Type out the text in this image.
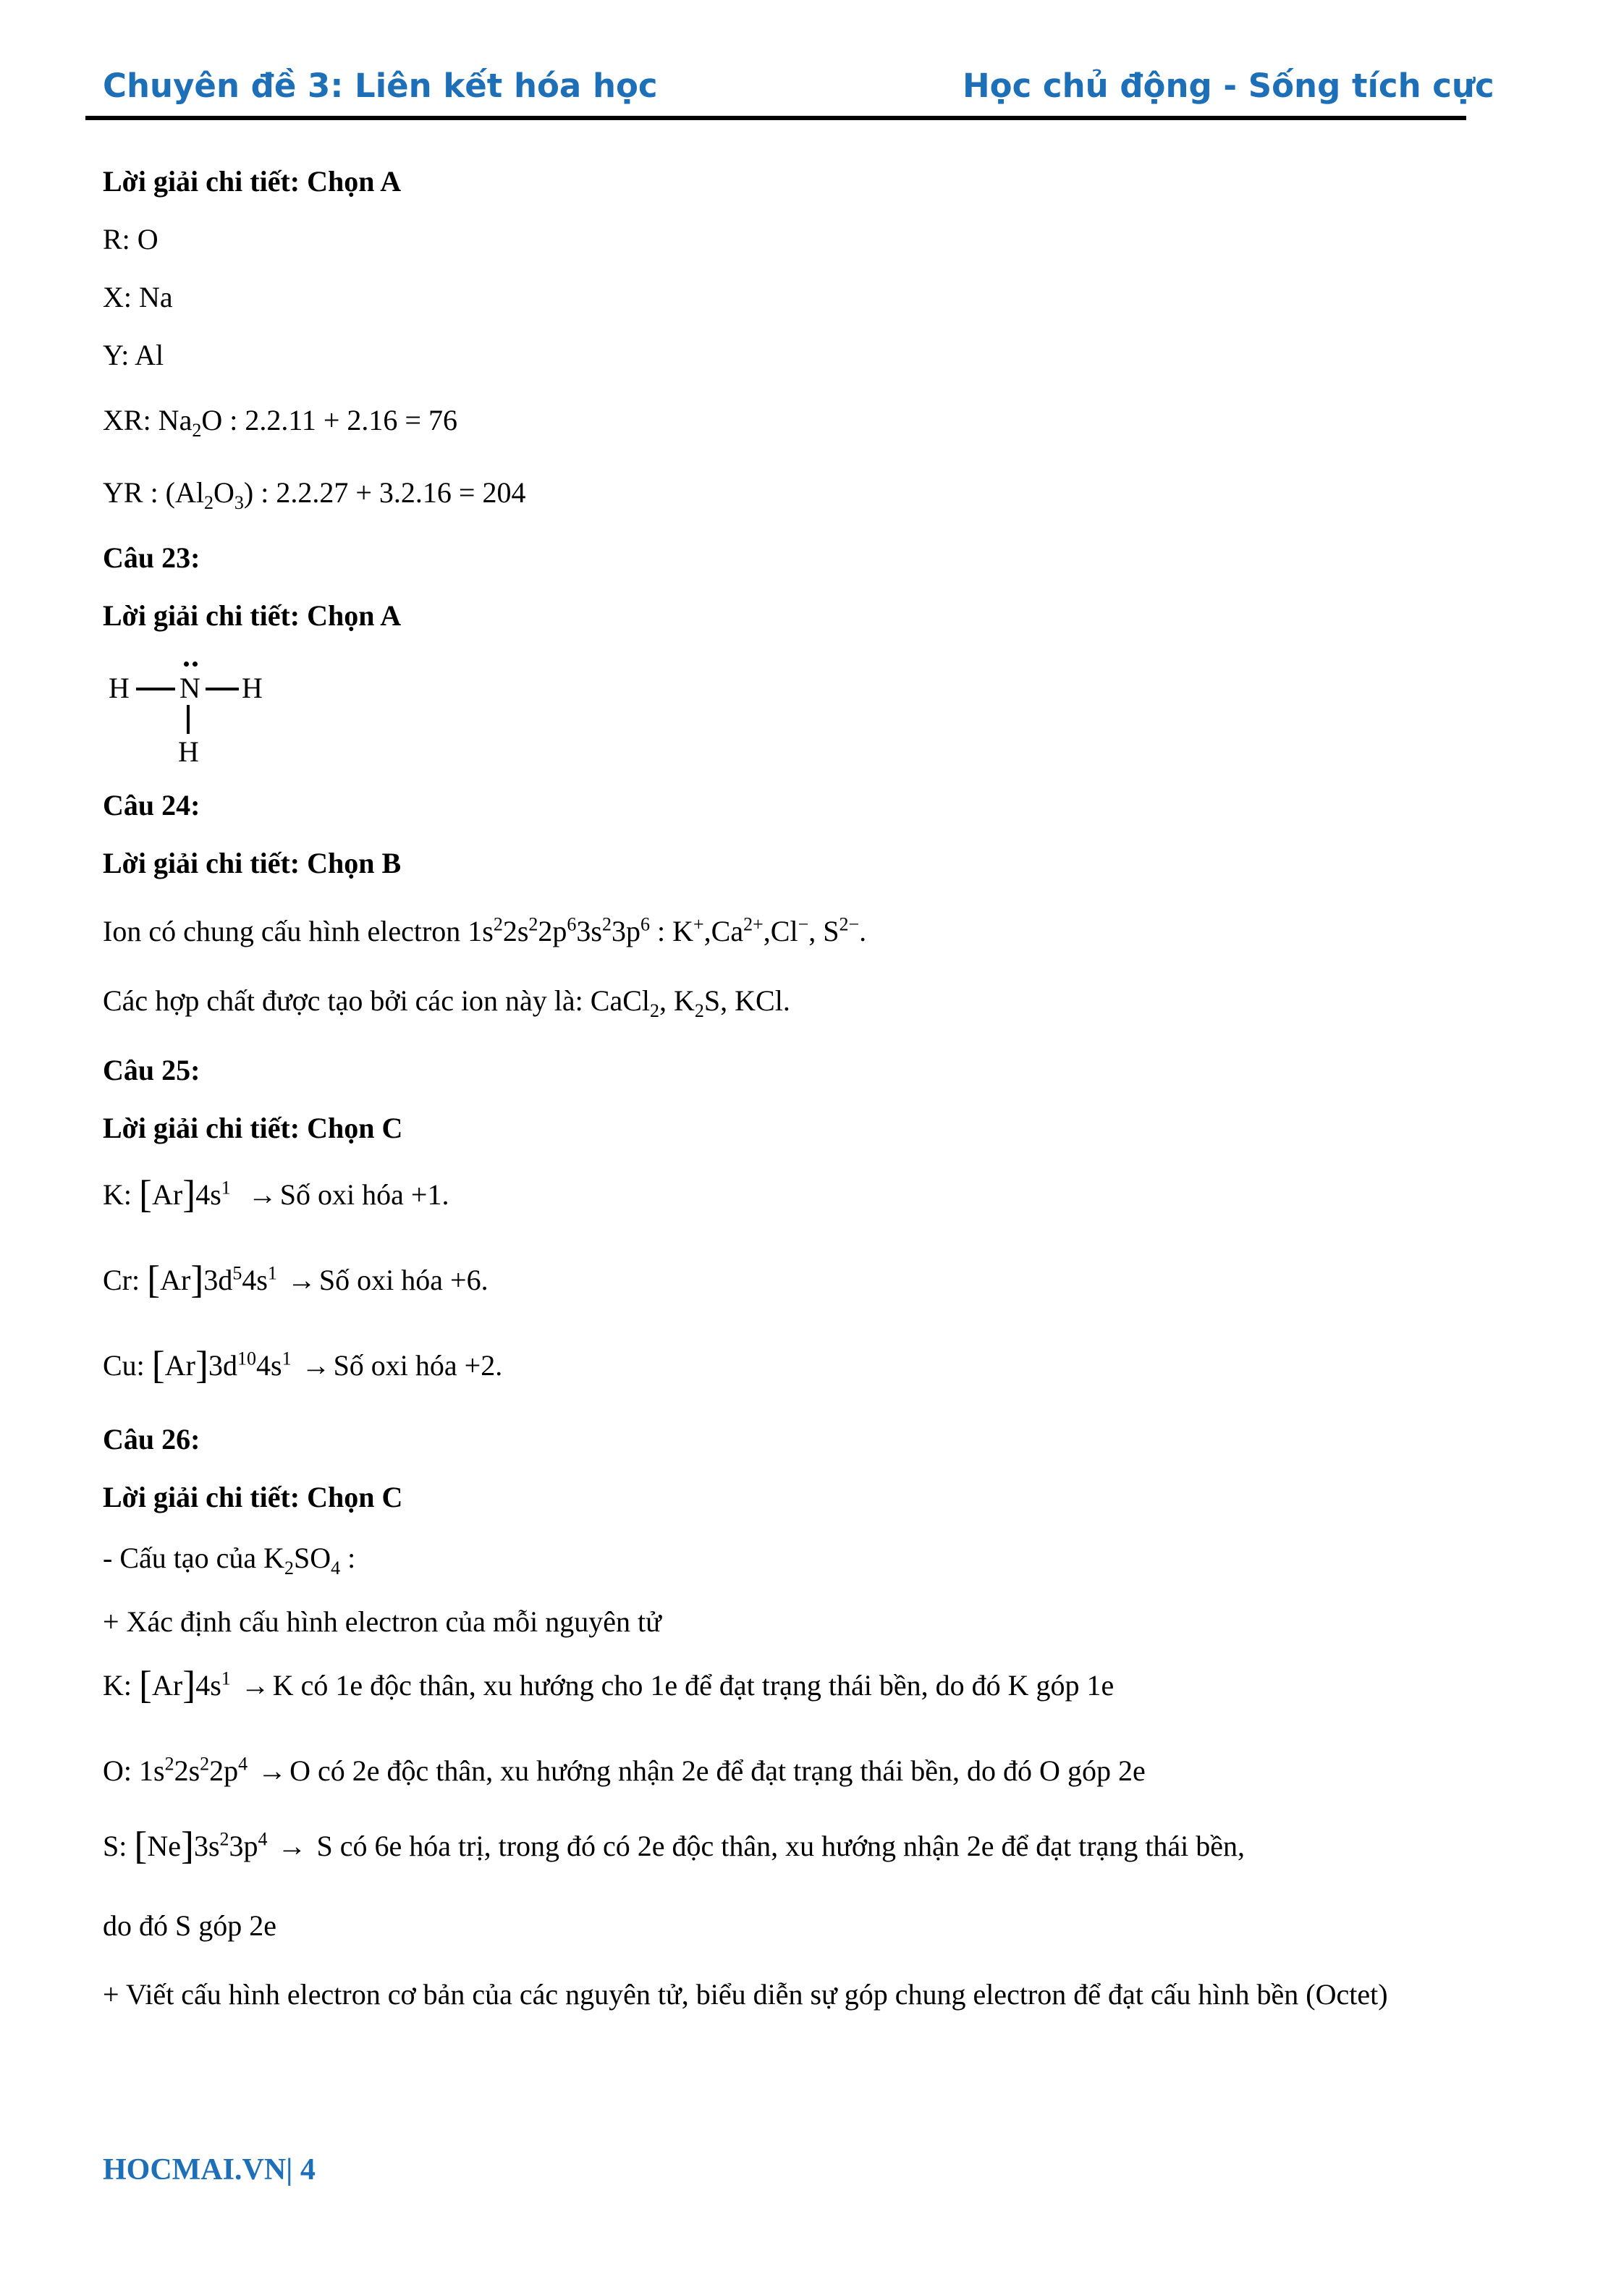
Chuyên đề 3: Liên kết hóa học	Học chủ động - Sống tích cực
Lời giải chi tiết: Chọn A
R: O
X: Na
Y: Al
XR: $Na_2O$ : 2.2.11 + 2.16 = 76
YR : $(Al_2O_3)$ : 2.2.27 + 3.2.16 = 204
Câu 23:
Lời giải chi tiết: Chọn A
H N H
H
Câu 24:
Lời giải chi tiết: Chọn B
Ion có chung cấu hình electron $1s^22s^22p^63s^23p^6$ : $K^+,Ca^{2+},Cl^-$, $S^{2-}$.
Các hợp chất được tạo bởi các ion này là: CaCl$_2$, $K_2S$, KCl.
Câu 25:
Lời giải chi tiết: Chọn C
K: $[Ar]4s^1$ → Số oxi hóa +1.
Cr: $[Ar]3d^54s^1$ → Số oxi hóa +6.
Cu: $[Ar]3d^{10}4s^1$ → Số oxi hóa +2.
Câu 26:
Lời giải chi tiết: Chọn C
- Cấu tạo của $K_2SO_4$ :
+ Xác định cấu hình electron của mỗi nguyên tử
K: $[Ar]4s^1 \to K$ có 1e độc thân, xu hướng cho 1e để đạt trạng thái bền, do đó K góp 1e
O: $1s^22s^22p^4 \to O$ có 2e độc thân, xu hướng nhận 2e để đạt trạng thái bền, do đó O góp 2e
S: $[Ne]3s^23p^4 \to S$ có 6e hóa trị, trong đó có 2e độc thân, xu hướng nhận 2e để đạt trạng thái bền,
do đó S góp 2e
+ Viết cấu hình electron cơ bản của các nguyên tử, biểu diễn sự góp chung electron để đạt cấu hình bền (Octet)
HOCMAI.VN| 4
